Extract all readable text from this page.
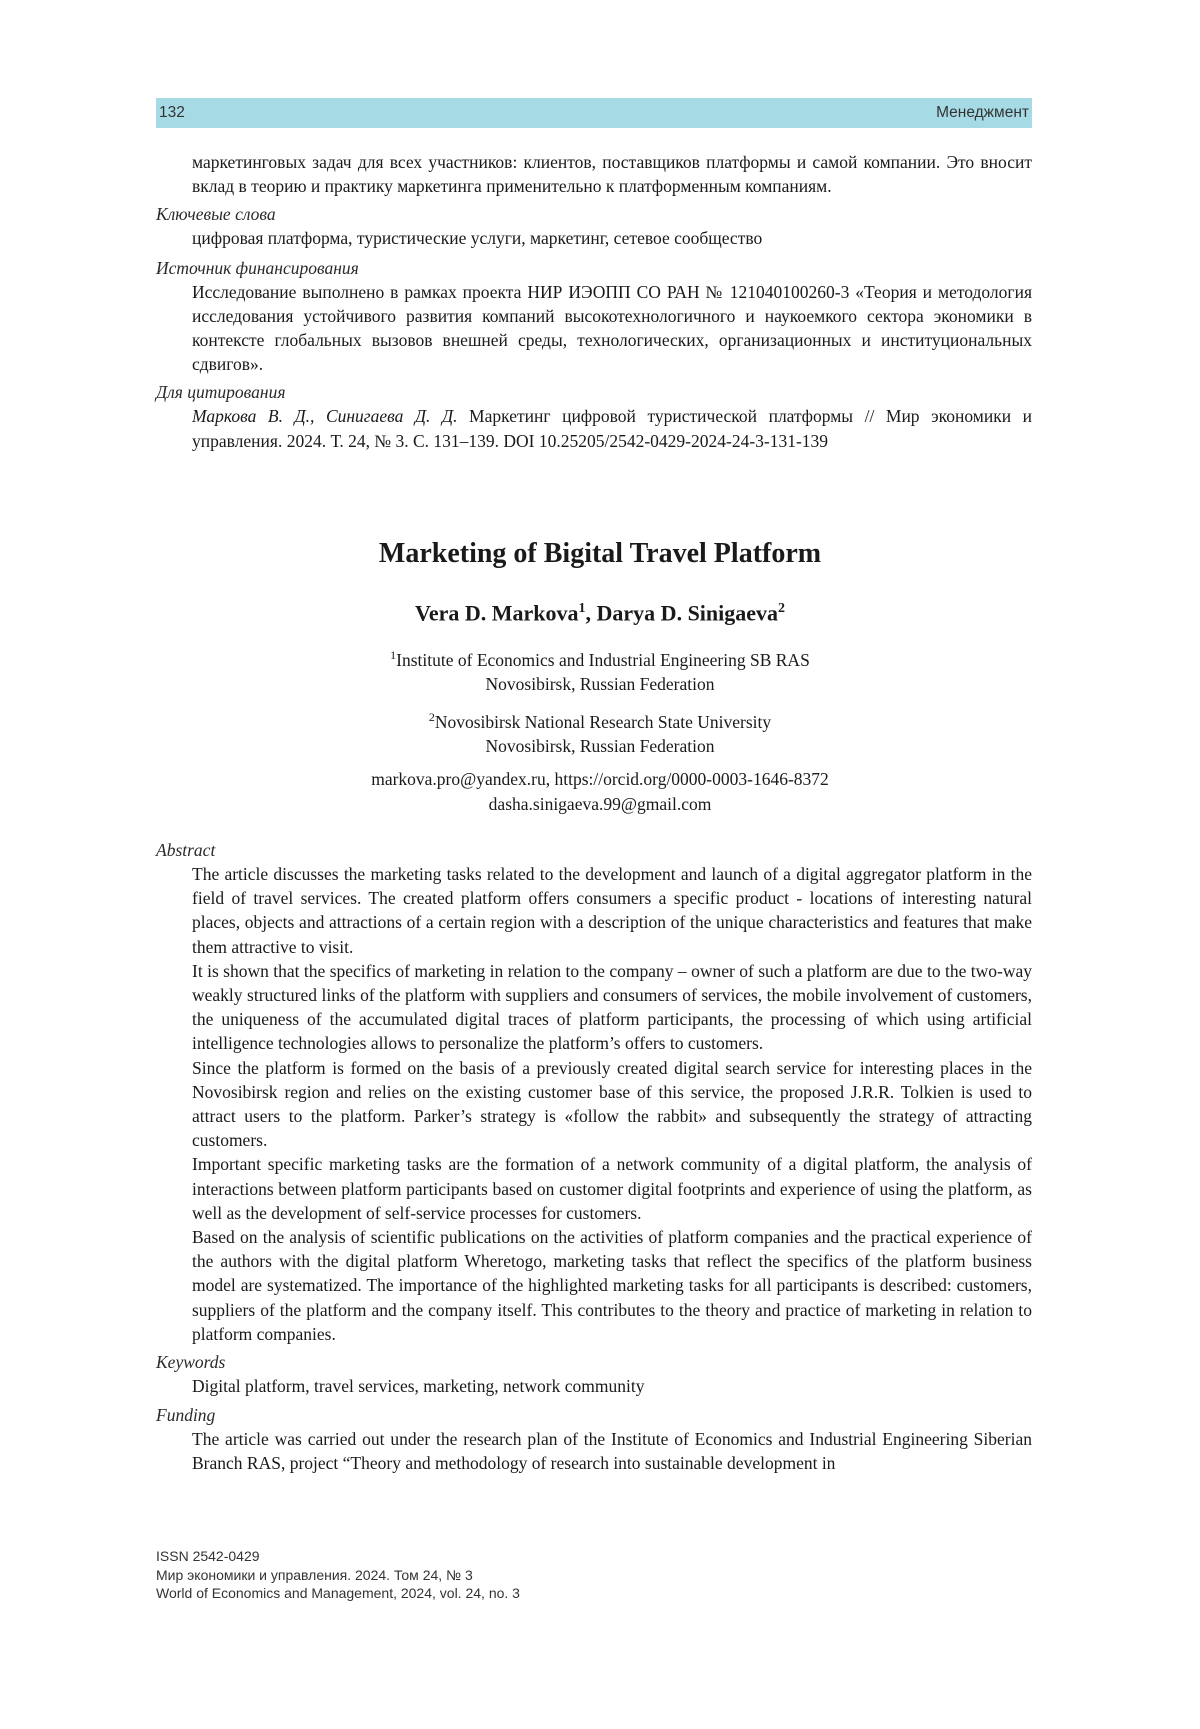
132	Менеджмент

маркетинговых задач для всех участников: клиентов, поставщиков платформы и самой компании. Это вносит вклад в теорию и практику маркетинга применительно к платформенным компаниям.

Ключевые слова

цифровая платформа, туристические услуги, маркетинг, сетевое сообщество

Источник финансирования

Исследование выполнено в рамках проекта НИР ИЭОПП СО РАН № 121040100260-3 «Теория и методология исследования устойчивого развития компаний высокотехнологичного и наукоемкого сектора экономики в контексте глобальных вызовов внешней среды, технологических, организационных и институциональных сдвигов».

Для цитирования

Маркова В. Д., Синигаева Д. Д. Маркетинг цифровой туристической платформы // Мир экономики и управления. 2024. Т. 24, № 3. С. 131–139. DOI 10.25205/2542-0429-2024-24-3-131-139

Marketing of Bigital Travel Platform
Vera D. Markova$^1$, Darya D. Sinigaeva$^2$
$^1$Institute of Economics and Industrial Engineering SB RAS
Novosibirsk, Russian Federation
$^2$Novosibirsk National Research State University
Novosibirsk, Russian Federation
markova.pro@yandex.ru, https://orcid.org/0000-0003-1646-8372
dasha.sinigaeva.99@gmail.com
Abstract

The article discusses the marketing tasks related to the development and launch of a digital aggregator platform in the field of travel services. The created platform offers consumers a specific product - locations of interesting natural places, objects and attractions of a certain region with a description of the unique characteristics and features that make them attractive to visit.

It is shown that the specifics of marketing in relation to the company – owner of such a platform are due to the two-way weakly structured links of the platform with suppliers and consumers of services, the mobile involvement of customers, the uniqueness of the accumulated digital traces of platform participants, the processing of which using artificial intelligence technologies allows to personalize the platform’s offers to customers.

Since the platform is formed on the basis of a previously created digital search service for interesting places in the Novosibirsk region and relies on the existing customer base of this service, the proposed J.R.R. Tolkien is used to attract users to the platform. Parker’s strategy is «follow the rabbit» and subsequently the strategy of attracting customers.

Important specific marketing tasks are the formation of a network community of a digital platform, the analysis of interactions between platform participants based on customer digital footprints and experience of using the platform, as well as the development of self-service processes for customers.

Based on the analysis of scientific publications on the activities of platform companies and the practical experience of the authors with the digital platform Wheretogo, marketing tasks that reflect the specifics of the platform business model are systematized. The importance of the highlighted marketing tasks for all participants is described: customers, suppliers of the platform and the company itself. This contributes to the theory and practice of marketing in relation to platform companies.

Keywords

Digital platform, travel services, marketing, network community

Funding

The article was carried out under the research plan of the Institute of Economics and Industrial Engineering Siberian Branch RAS, project “Theory and methodology of research into sustainable development in

ISSN 2542-0429
Мир экономики и управления. 2024. Том 24, № 3
World of Economics and Management, 2024, vol. 24, no. 3
